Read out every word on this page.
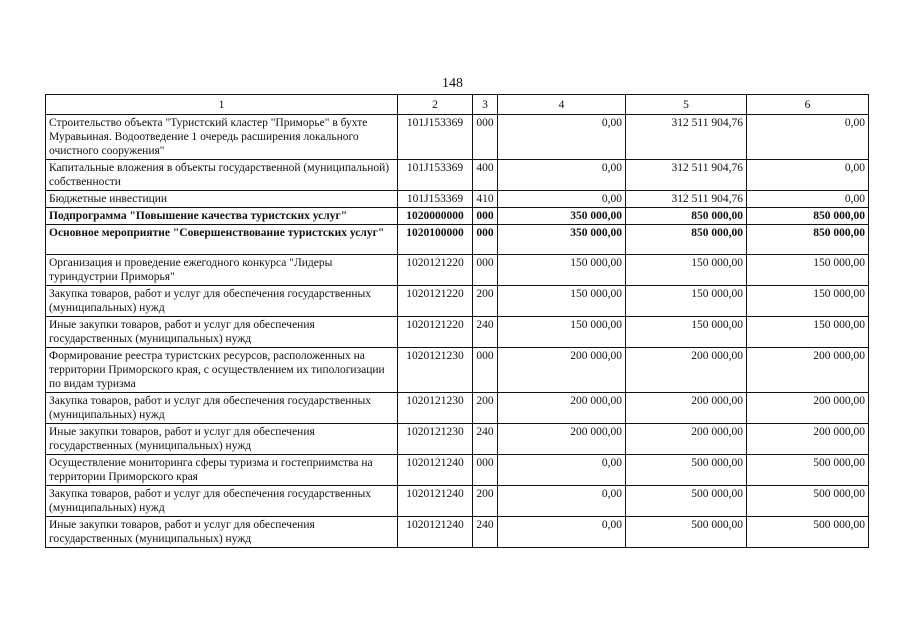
148
1	2	3	4	5	6
Строительство объекта "Туристский кластер "Приморье" в бухте Муравьиная. Водоотведение 1 очередь расширения локального очистного сооружения"	101J153369	000	0,00	312 511 904,76	0,00
Капитальные вложения в объекты государственной (муниципальной) собственности	101J153369	400	0,00	312 511 904,76	0,00
Бюджетные инвестиции	101J153369	410	0,00	312 511 904,76	0,00
Подпрограмма "Повышение качества туристских услуг"	1020000000	000	350 000,00	850 000,00	850 000,00
Основное мероприятие "Совершенствование туристских услуг"	1020100000	000	350 000,00	850 000,00	850 000,00
Организация и проведение ежегодного конкурса "Лидеры туриндустрии Приморья"	1020121220	000	150 000,00	150 000,00	150 000,00
Закупка товаров, работ и услуг для обеспечения государственных (муниципальных) нужд	1020121220	200	150 000,00	150 000,00	150 000,00
Иные закупки товаров, работ и услуг для обеспечения государственных (муниципальных) нужд	1020121220	240	150 000,00	150 000,00	150 000,00
Формирование реестра туристских ресурсов, расположенных на территории Приморского края, с осуществлением их типологизации по видам туризма	1020121230	000	200 000,00	200 000,00	200 000,00
Закупка товаров, работ и услуг для обеспечения государственных (муниципальных) нужд	1020121230	200	200 000,00	200 000,00	200 000,00
Иные закупки товаров, работ и услуг для обеспечения государственных (муниципальных) нужд	1020121230	240	200 000,00	200 000,00	200 000,00
Осуществление мониторинга сферы туризма и гостеприимства на территории Приморского края	1020121240	000	0,00	500 000,00	500 000,00
Закупка товаров, работ и услуг для обеспечения государственных (муниципальных) нужд	1020121240	200	0,00	500 000,00	500 000,00
Иные закупки товаров, работ и услуг для обеспечения государственных (муниципальных) нужд	1020121240	240	0,00	500 000,00	500 000,00
